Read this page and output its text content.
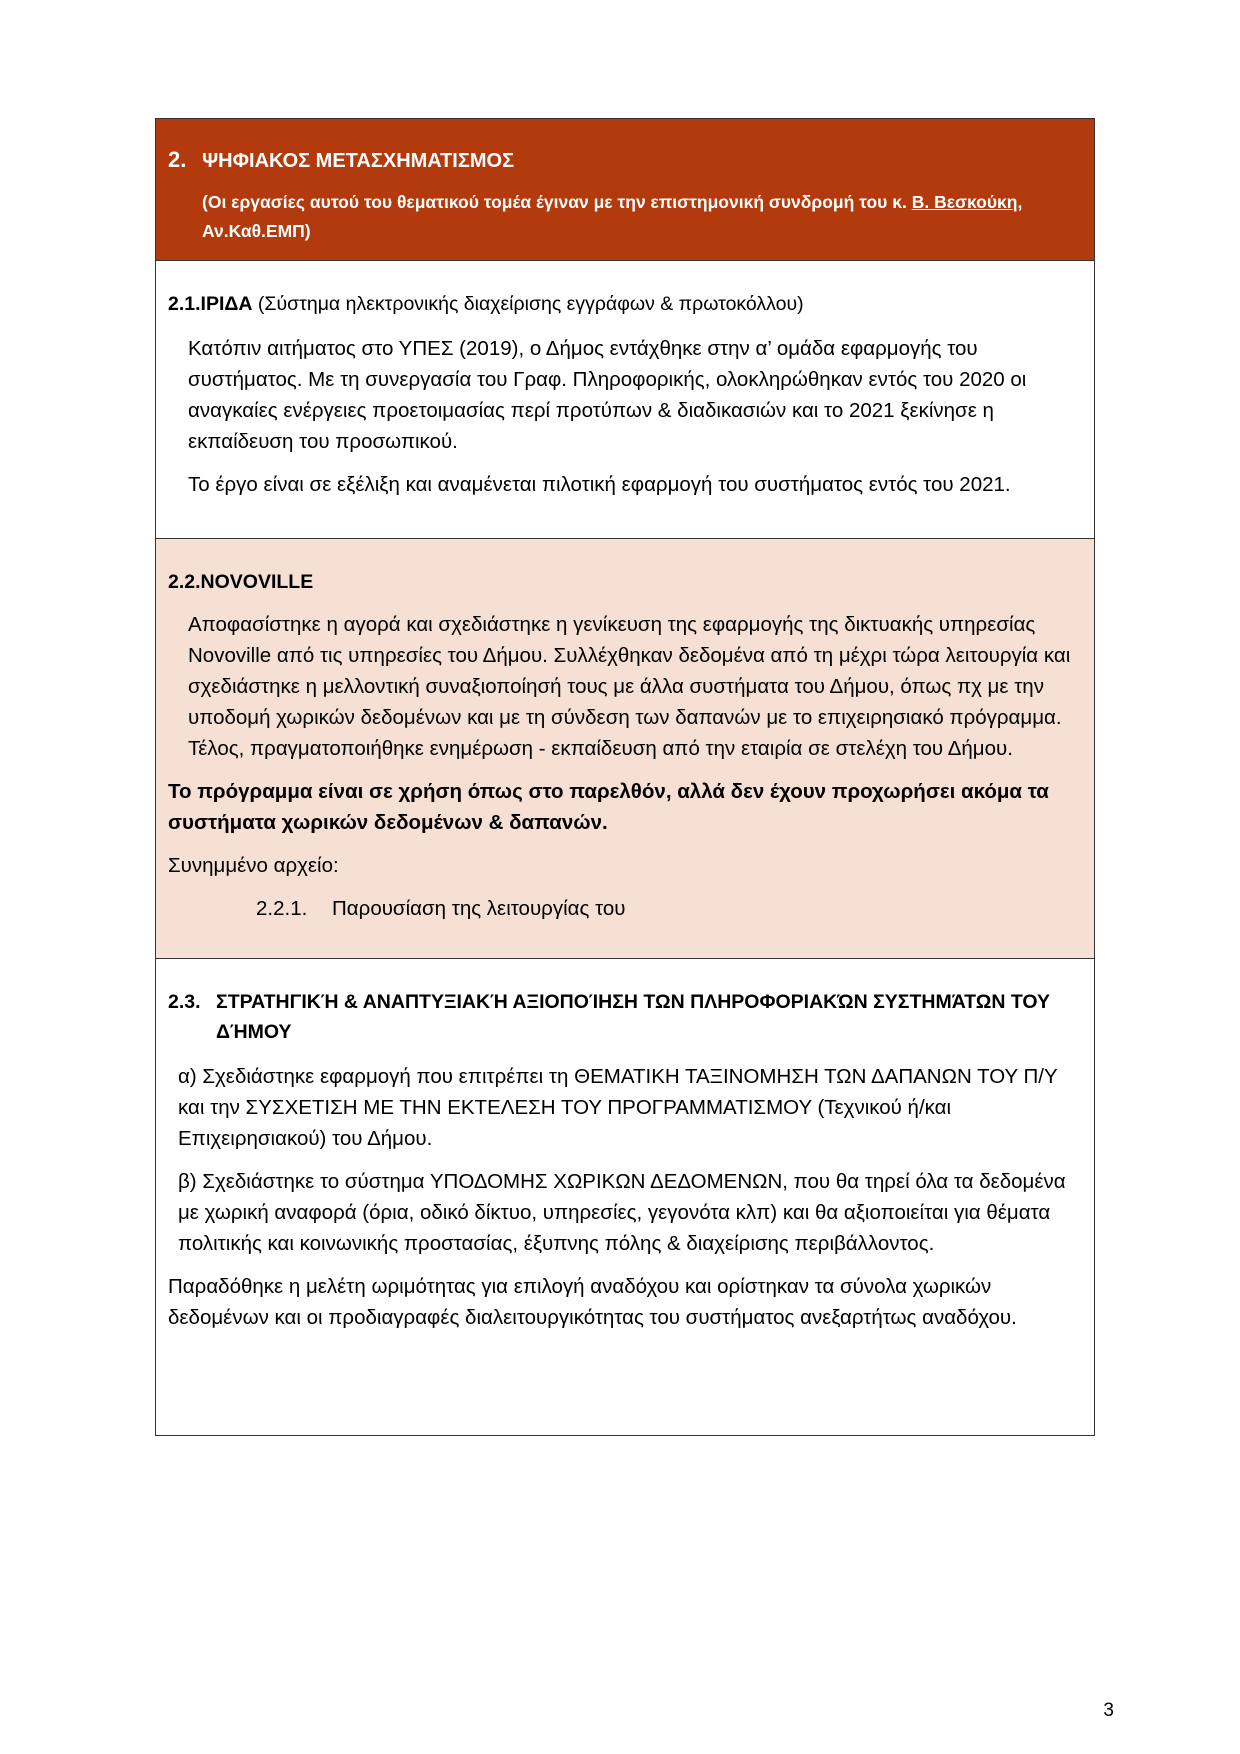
2. ΨΗΦΙΑΚΟΣ ΜΕΤΑΣΧΗΜΑΤΙΣΜΟΣ
(Οι εργασίες αυτού του θεματικού τομέα έγιναν με την επιστημονική συνδρομή του κ. Β. Βεσκούκη, Αν.Καθ.ΕΜΠ)
2.1.ΙΡΙΔΑ (Σύστημα ηλεκτρονικής διαχείρισης εγγράφων & πρωτοκόλλου)

Κατόπιν αιτήματος στο ΥΠΕΣ (2019), ο Δήμος εντάχθηκε στην α’ ομάδα εφαρμογής του συστήματος. Με τη συνεργασία του Γραφ. Πληροφορικής, ολοκληρώθηκαν εντός του 2020 οι αναγκαίες ενέργειες προετοιμασίας περί προτύπων & διαδικασιών και το 2021 ξεκίνησε η εκπαίδευση του προσωπικού.

Το έργο είναι σε εξέλιξη και αναμένεται πιλοτική εφαρμογή του συστήματος εντός του 2021.

2.2.NOVOVILLE

Αποφασίστηκε η αγορά και σχεδιάστηκε η γενίκευση της εφαρμογής της δικτυακής υπηρεσίας Novoville από τις υπηρεσίες του Δήμου. Συλλέχθηκαν δεδομένα από τη μέχρι τώρα λειτουργία και σχεδιάστηκε η μελλοντική συναξιοποίησή τους με άλλα συστήματα του Δήμου, όπως πχ με την υποδομή χωρικών δεδομένων και με τη σύνδεση των δαπανών με το επιχειρησιακό πρόγραμμα. Τέλος, πραγματοποιήθηκε ενημέρωση - εκπαίδευση από την εταιρία σε στελέχη του Δήμου.

Το πρόγραμμα είναι σε χρήση όπως στο παρελθόν, αλλά δεν έχουν προχωρήσει ακόμα τα συστήματα χωρικών δεδομένων & δαπανών.

Συνημμένο αρχείο:

2.2.1.	Παρουσίαση της λειτουργίας του
2.3. ΣΤΡΑΤΗΓΙΚΉ & ΑΝΑΠΤΥΞΙΑΚΉ ΑΞΙΟΠΟΊΗΣΗ ΤΩΝ ΠΛΗΡΟΦΟΡΙΑΚΏΝ ΣΥΣΤΗΜΆΤΩΝ ΤΟΥ ΔΉΜΟΥ

α) Σχεδιάστηκε εφαρμογή που επιτρέπει τη ΘΕΜΑΤΙΚΗ ΤΑΞΙΝΟΜΗΣΗ ΤΩΝ ΔΑΠΑΝΩΝ ΤΟΥ Π/Υ και την ΣΥΣΧΕΤΙΣΗ ΜΕ ΤΗΝ ΕΚΤΕΛΕΣΗ ΤΟΥ ΠΡΟΓΡΑΜΜΑΤΙΣΜΟΥ (Τεχνικού ή/και Επιχειρησιακού) του Δήμου.

β) Σχεδιάστηκε το σύστημα ΥΠΟΔΟΜΗΣ ΧΩΡΙΚΩΝ ΔΕΔΟΜΕΝΩΝ, που θα τηρεί όλα τα δεδομένα με χωρική αναφορά (όρια, οδικό δίκτυο, υπηρεσίες, γεγονότα κλπ) και θα αξιοποιείται για θέματα πολιτικής και κοινωνικής προστασίας, έξυπνης πόλης & διαχείρισης περιβάλλοντος.

Παραδόθηκε η μελέτη ωριμότητας για επιλογή αναδόχου και ορίστηκαν τα σύνολα χωρικών δεδομένων και οι προδιαγραφές διαλειτουργικότητας του συστήματος ανεξαρτήτως αναδόχου.

3
